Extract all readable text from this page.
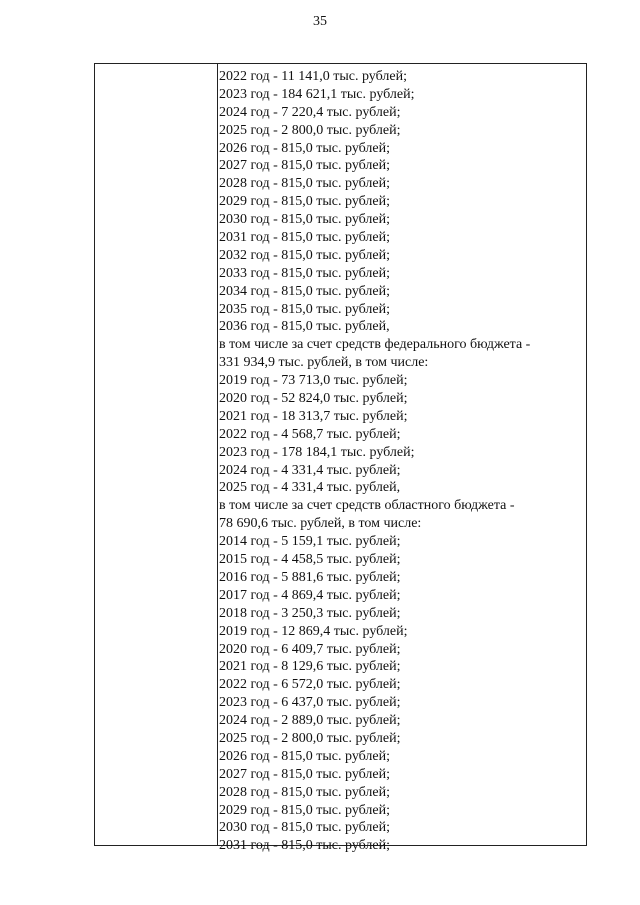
35
2022 год - 11 141,0 тыс. рублей;
2023 год - 184 621,1 тыс. рублей;
2024 год - 7 220,4 тыс. рублей;
2025 год - 2 800,0 тыс. рублей;
2026 год - 815,0 тыс. рублей;
2027 год - 815,0 тыс. рублей;
2028 год - 815,0 тыс. рублей;
2029 год - 815,0 тыс. рублей;
2030 год - 815,0 тыс. рублей;
2031 год - 815,0 тыс. рублей;
2032 год - 815,0 тыс. рублей;
2033 год - 815,0 тыс. рублей;
2034 год - 815,0 тыс. рублей;
2035 год - 815,0 тыс. рублей;
2036 год - 815,0 тыс. рублей,
в том числе за счет средств федерального бюджета -
331 934,9 тыс. рублей, в том числе:
2019 год - 73 713,0 тыс. рублей;
2020 год - 52 824,0 тыс. рублей;
2021 год - 18 313,7 тыс. рублей;
2022 год - 4 568,7 тыс. рублей;
2023 год - 178 184,1 тыс. рублей;
2024 год - 4 331,4 тыс. рублей;
2025 год - 4 331,4 тыс. рублей,
в том числе за счет средств областного бюджета -
78 690,6 тыс. рублей, в том числе:
2014 год - 5 159,1 тыс. рублей;
2015 год - 4 458,5 тыс. рублей;
2016 год - 5 881,6 тыс. рублей;
2017 год - 4 869,4 тыс. рублей;
2018 год - 3 250,3 тыс. рублей;
2019 год - 12 869,4 тыс. рублей;
2020 год - 6 409,7 тыс. рублей;
2021 год - 8 129,6 тыс. рублей;
2022 год - 6 572,0 тыс. рублей;
2023 год - 6 437,0 тыс. рублей;
2024 год - 2 889,0 тыс. рублей;
2025 год - 2 800,0 тыс. рублей;
2026 год - 815,0 тыс. рублей;
2027 год - 815,0 тыс. рублей;
2028 год - 815,0 тыс. рублей;
2029 год - 815,0 тыс. рублей;
2030 год - 815,0 тыс. рублей;
2031 год - 815,0 тыс. рублей;
